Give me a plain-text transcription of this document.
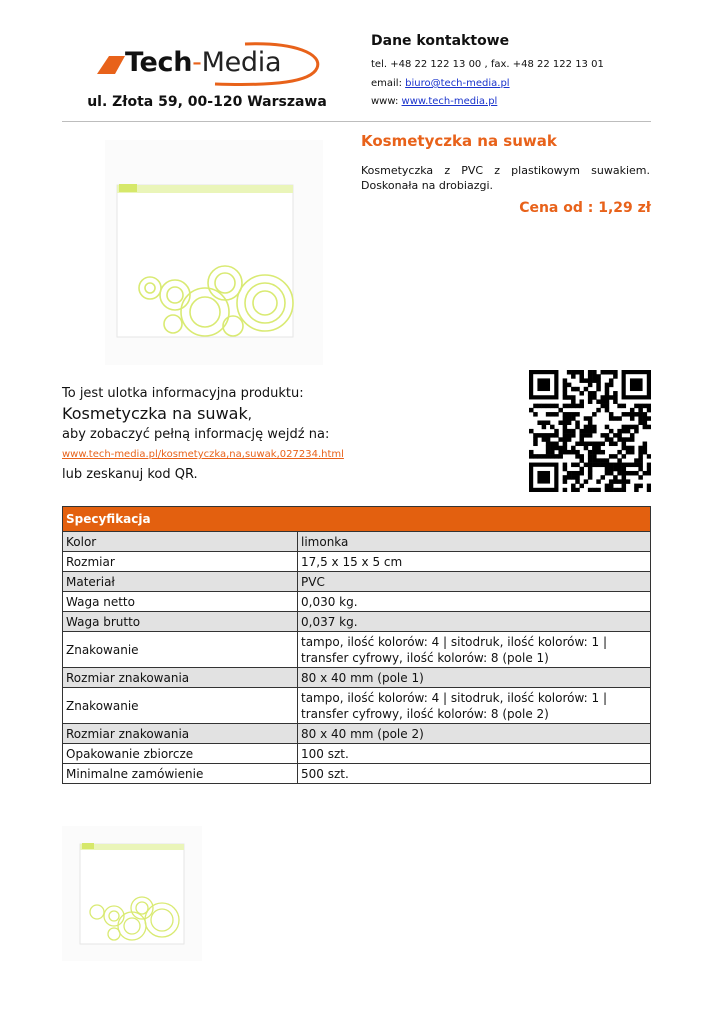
Tech-Media
ul. Złota 59, 00-120 Warszawa
Dane kontaktowe
tel. +48 22 122 13 00 , fax. +48 22 122 13 01
email: biuro@tech-media.pl
www: www.tech-media.pl
Kosmetyczka na suwak
Kosmetyczka z PVC z plastikowym suwakiem. Doskonała na drobiazgi.
Cena od : 1,29 zł
To jest ulotka informacyjna produktu:
Kosmetyczka na suwak,
aby zobaczyć pełną informację wejdź na:
www.tech-media.pl/kosmetyczka,na,suwak,027234.html
lub zeskanuj kod QR.
Specyfikacja	
Kolor	limonka
Rozmiar	17,5 x 15 x 5 cm
Materiał	PVC
Waga netto	0,030 kg.
Waga brutto	0,037 kg.
Znakowanie	tampo, ilość kolorów: 4 | sitodruk, ilość kolorów: 1 | transfer cyfrowy, ilość kolorów: 8 (pole 1)
Rozmiar znakowania	80 x 40 mm (pole 1)
Znakowanie	tampo, ilość kolorów: 4 | sitodruk, ilość kolorów: 1 | transfer cyfrowy, ilość kolorów: 8 (pole 2)
Rozmiar znakowania	80 x 40 mm (pole 2)
Opakowanie zbiorcze	100 szt.
Minimalne zamówienie	500 szt.
